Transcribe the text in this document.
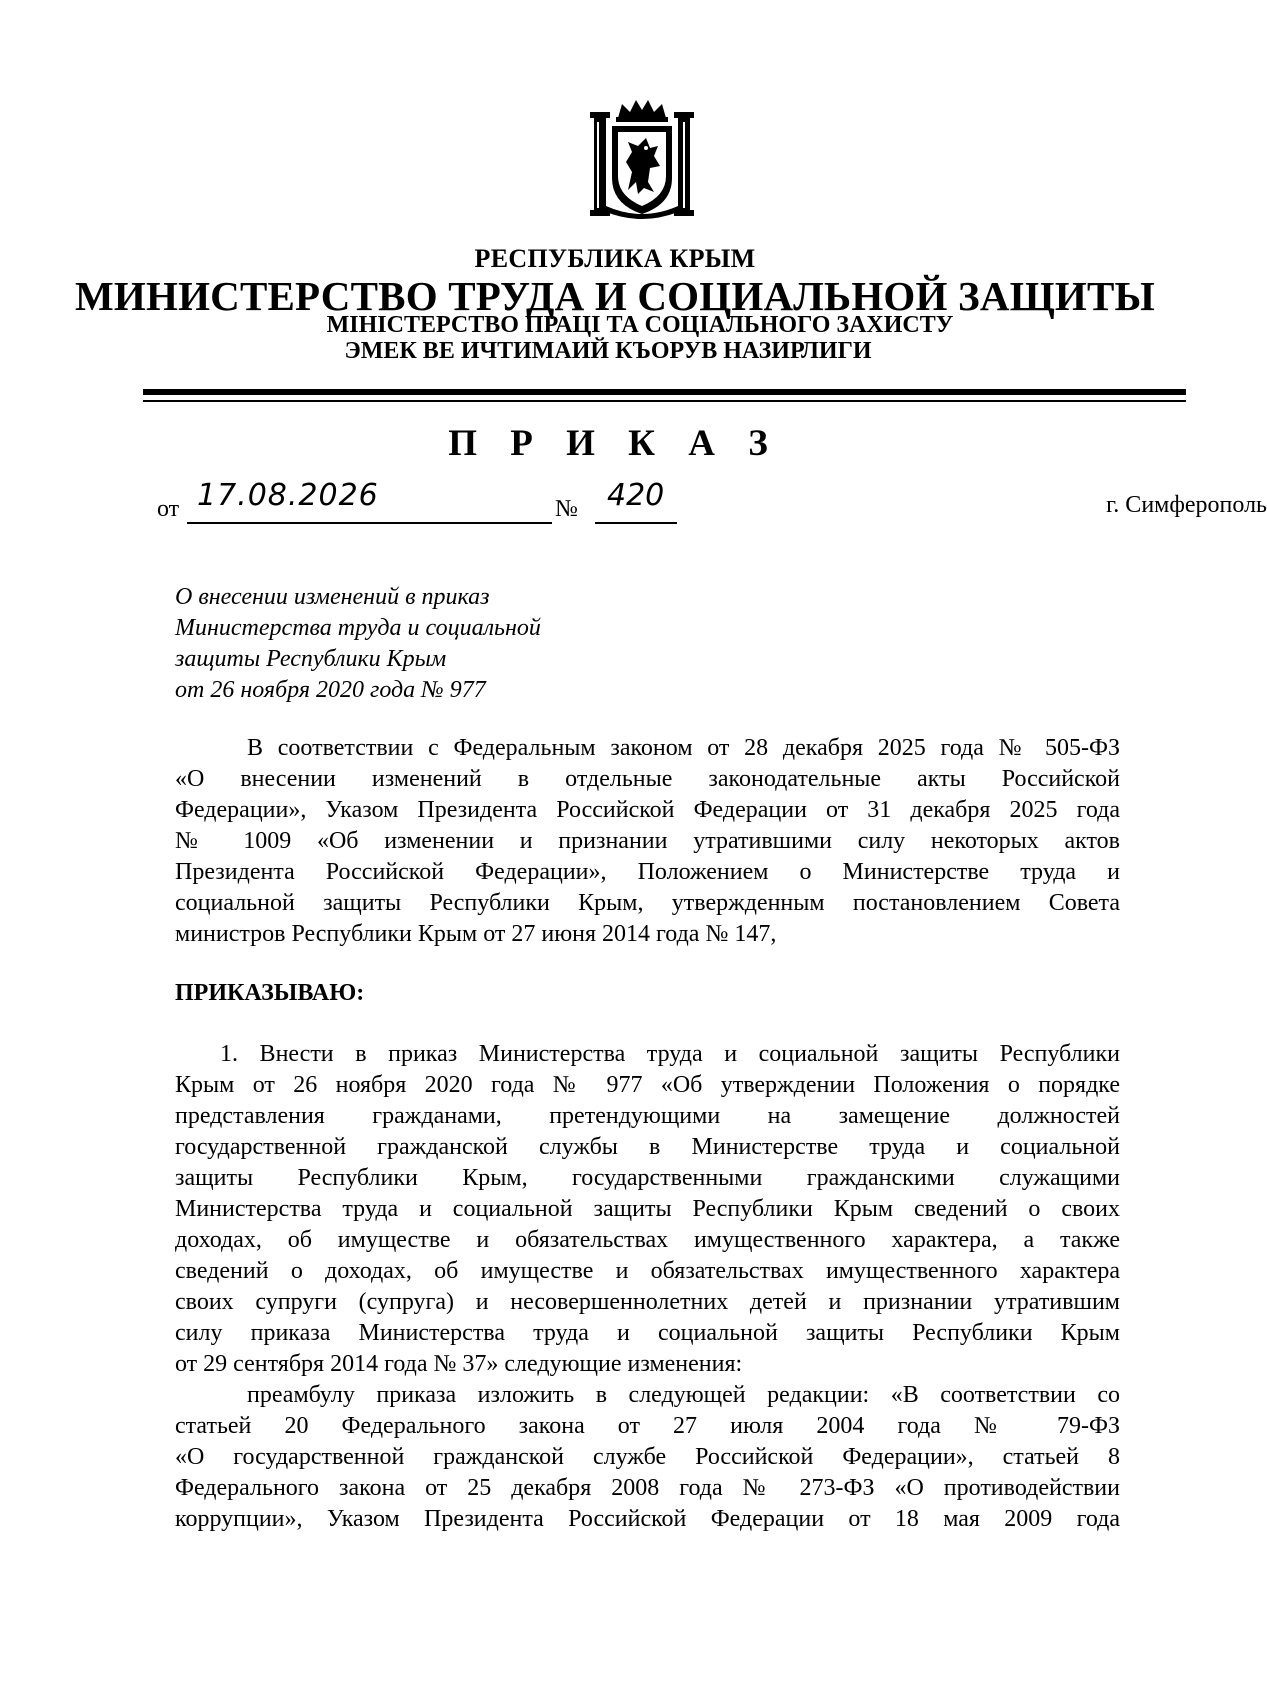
РЕСПУБЛИКА КРЫМ
МИНИСТЕРСТВО ТРУДА И СОЦИАЛЬНОЙ ЗАЩИТЫ
МІНІСТЕРСТВО ПРАЦІ ТА СОЦІАЛЬНОГО ЗАХИСТУ
ЭМЕК ВЕ ИЧТИМАИЙ КЪОРУВ НАЗИРЛИГИ
П Р И К А З
от 17.08.2026	№ 420	г. Симферополь
О внесении изменений в приказ
Министерства труда и социальной
защиты Республики Крым
от 26 ноября 2020 года № 977
В соответствии с Федеральным законом от 28 декабря 2025 года № 505-ФЗ
«О внесении изменений в отдельные законодательные акты Российской
Федерации», Указом Президента Российской Федерации от 31 декабря 2025 года
№ 1009 «Об изменении и признании утратившими силу некоторых актов
Президента Российской Федерации», Положением о Министерстве труда и
социальной защиты Республики Крым, утвержденным постановлением Совета
министров Республики Крым от 27 июня 2014 года № 147,
ПРИКАЗЫВАЮ:
1. Внести в приказ Министерства труда и социальной защиты Республики
Крым от 26 ноября 2020 года № 977 «Об утверждении Положения о порядке
представления гражданами, претендующими на замещение должностей
государственной гражданской службы в Министерстве труда и социальной
защиты Республики Крым, государственными гражданскими служащими
Министерства труда и социальной защиты Республики Крым сведений о своих
доходах, об имуществе и обязательствах имущественного характера, а также
сведений о доходах, об имуществе и обязательствах имущественного характера
своих супруги (супруга) и несовершеннолетних детей и признании утратившим
силу приказа Министерства труда и социальной защиты Республики Крым
от 29 сентября 2014 года № 37» следующие изменения:
преамбулу приказа изложить в следующей редакции: «В соответствии со
статьей 20 Федерального закона от 27 июля 2004 года № 79-ФЗ
«О государственной гражданской службе Российской Федерации», статьей 8
Федерального закона от 25 декабря 2008 года № 273-ФЗ «О противодействии
коррупции», Указом Президента Российской Федерации от 18 мая 2009 года
